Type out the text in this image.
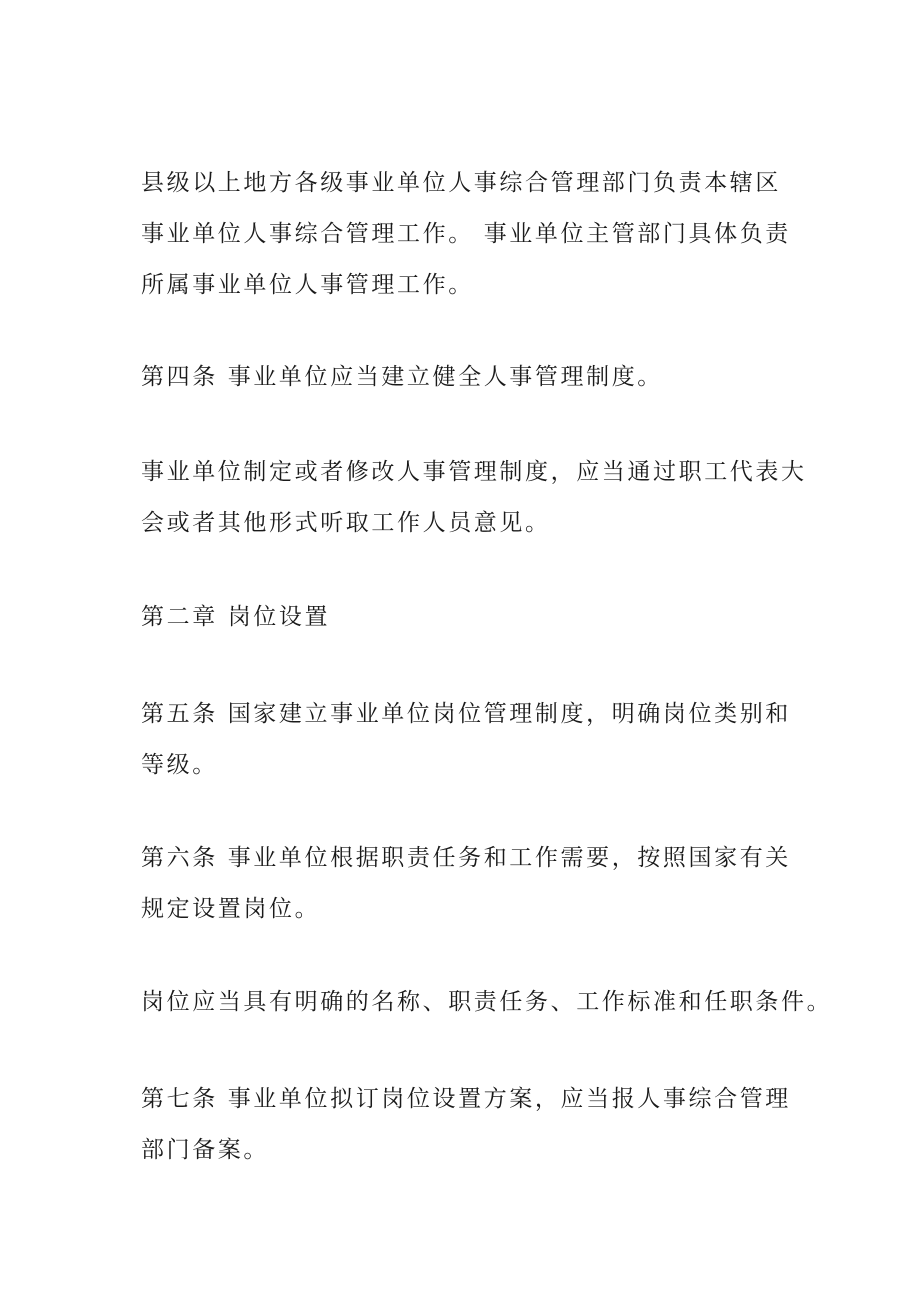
县级以上地方各级事业单位人事综合管理部门负责本辖区
事业单位人事综合管理工作。 事业单位主管部门具体负责
所属事业单位人事管理工作。

第四条 事业单位应当建立健全人事管理制度。

事业单位制定或者修改人事管理制度，应当通过职工代表大
会或者其他形式听取工作人员意见。

第二章 岗位设置

第五条 国家建立事业单位岗位管理制度，明确岗位类别和
等级。

第六条 事业单位根据职责任务和工作需要，按照国家有关
规定设置岗位。

岗位应当具有明确的名称、职责任务、工作标准和任职条件。

第七条 事业单位拟订岗位设置方案，应当报人事综合管理
部门备案。
